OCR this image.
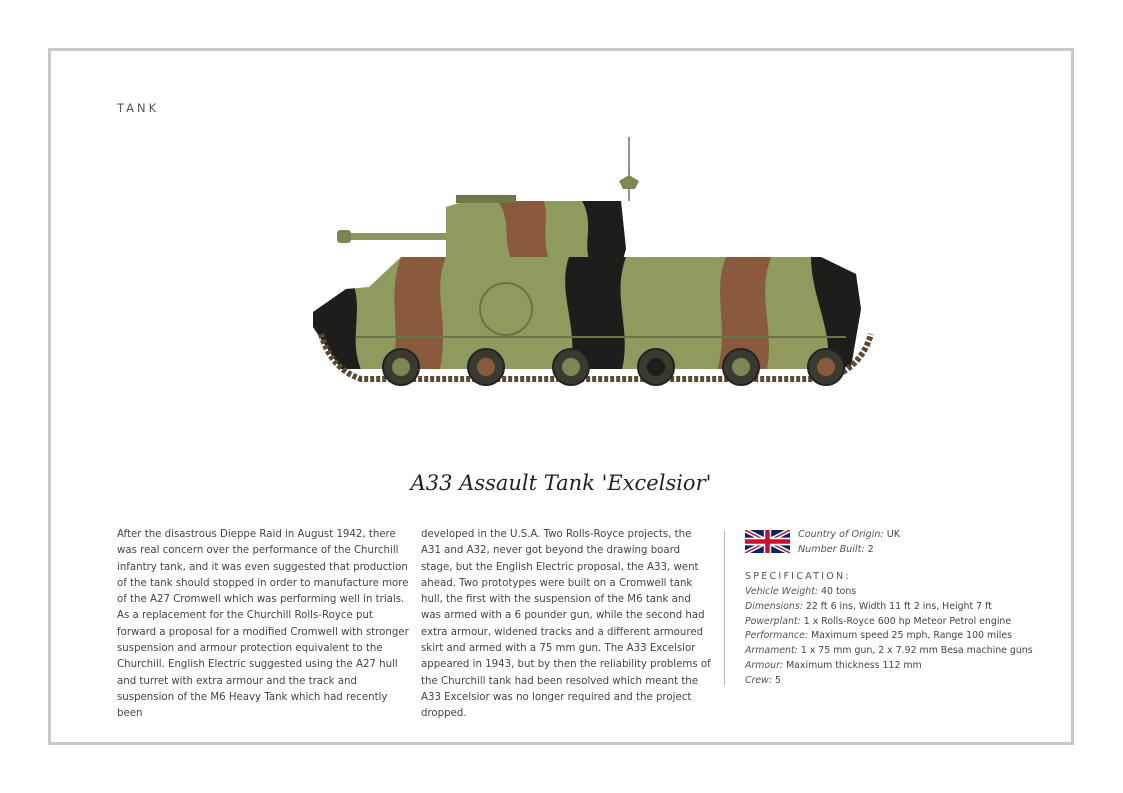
TANK
A33 Assault Tank 'Excelsior'
After the disastrous Dieppe Raid in August 1942, there was real concern over the performance of the Churchill infantry tank, and it was even suggested that production of the tank should stopped in order to manufacture more of the A27 Cromwell which was performing well in trials. As a replacement for the Churchill Rolls-Royce put forward a proposal for a modified Cromwell with stronger suspension and armour protection equivalent to the Churchill. English Electric suggested using the A27 hull and turret with extra armour and the track and suspension of the M6 Heavy Tank which had recently been
developed in the U.S.A. Two Rolls-Royce projects, the A31 and A32, never got beyond the drawing board stage, but the English Electric proposal, the A33, went ahead. Two prototypes were built on a Cromwell tank hull, the first with the suspension of the M6 tank and was armed with a 6 pounder gun, while the second had extra armour, widened tracks and a different armoured skirt and armed with a 75 mm gun. The A33 Excelsior appeared in 1943, but by then the reliability problems of the Churchill tank had been resolved which meant the A33 Excelsior was no longer required and the project dropped.
Country of Origin: UK
Number Built: 2
SPECIFICATION:
Vehicle Weight: 40 tons
Dimensions: 22 ft 6 ins, Width 11 ft 2 ins, Height 7 ft
Powerplant: 1 x Rolls-Royce 600 hp Meteor Petrol engine
Performance: Maximum speed 25 mph, Range 100 miles
Armament: 1 x 75 mm gun, 2 x 7.92 mm Besa machine guns
Armour: Maximum thickness 112 mm
Crew: 5
